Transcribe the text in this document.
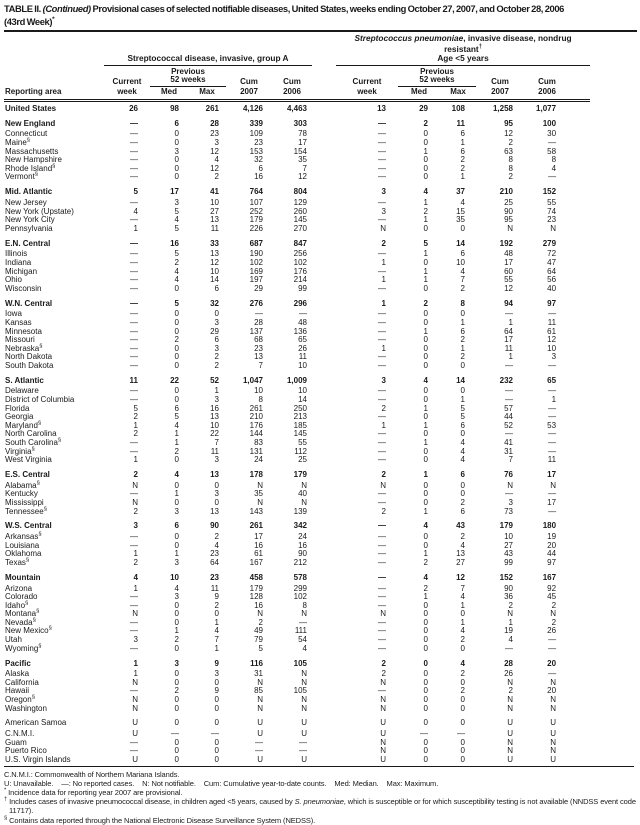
TABLE II. (Continued) Provisional cases of selected notifiable diseases, United States, weeks ending October 27, 2007, and October 28, 2006
(43rd Week)*
Reporting area	Streptococcal disease, invasive, group A						Streptococcus pneumoniae, invasive disease, nondrug resistant†
Age <5 years				

Current	
Previous
52 weeks	Cum	Cum	Current	
Previous
52 weeks	Cum	Cum
	week	Med	Max	2007	2006		week	Med	Max	2007	2006
United States	26	98	261	4,126	4,463		13	29	108	1,258	1,077
New England	—	6	28	339	303		—	2	11	95	100
Connecticut	—	0	23	109	78		—	0	6	12	30
Maine§	—	0	3	23	17		—	0	1	2	—
Massachusetts	—	3	12	153	154		—	1	6	63	58
New Hampshire	—	0	4	32	35		—	0	2	8	8
Rhode Island§	—	0	12	6	7		—	0	2	8	4
Vermont§	—	0	2	16	12		—	0	1	2	—
Mid. Atlantic	5	17	41	764	804		3	4	37	210	152
New Jersey	—	3	10	107	129		—	1	4	25	55
New York (Upstate)	4	5	27	252	260		3	2	15	90	74
New York City	—	4	13	179	145		—	1	35	95	23
Pennsylvania	1	5	11	226	270		N	0	0	N	N
E.N. Central	—	16	33	687	847		2	5	14	192	279
Illinois	—	5	13	190	256		—	1	6	48	72
Indiana	—	2	12	102	102		1	0	10	17	47
Michigan	—	4	10	169	176		—	1	4	60	64
Ohio	—	4	14	197	214		1	1	7	55	56
Wisconsin	—	0	6	29	99		—	0	2	12	40
W.N. Central	—	5	32	276	296		1	2	8	94	97
Iowa	—	0	0	—	—		—	0	0	—	—
Kansas	—	0	3	28	48		—	0	1	1	11
Minnesota	—	0	29	137	136		—	1	6	64	61
Missouri	—	2	6	68	65		—	0	2	17	12
Nebraska§	—	0	3	23	26		1	0	1	11	10
North Dakota	—	0	2	13	11		—	0	2	1	3
South Dakota	—	0	2	7	10		—	0	0	—	—
S. Atlantic	11	22	52	1,047	1,009		3	4	14	232	65
Delaware	—	0	1	10	10		—	0	0	—	—
District of Columbia	—	0	3	8	14		—	0	1	—	1
Florida	5	6	16	261	250		2	1	5	57	—
Georgia	2	5	13	210	213		—	0	5	44	—
Maryland§	1	4	10	176	185		1	1	6	52	53
North Carolina	2	1	22	144	145		—	0	0	—	—
South Carolina§	—	1	7	83	55		—	1	4	41	—
Virginia§	—	2	11	131	112		—	0	4	31	—
West Virginia	1	0	3	24	25		—	0	4	7	11
E.S. Central	2	4	13	178	179		2	1	6	76	17
Alabama§	N	0	0	N	N		N	0	0	N	N
Kentucky	—	1	3	35	40		—	0	0	—	—
Mississippi	N	0	0	N	N		—	0	2	3	17
Tennessee§	2	3	13	143	139		2	1	6	73	—
W.S. Central	3	6	90	261	342		—	4	43	179	180
Arkansas§	—	0	2	17	24		—	0	2	10	19
Louisiana	—	0	4	16	16		—	0	4	27	20
Oklahoma	1	1	23	61	90		—	1	13	43	44
Texas§	2	3	64	167	212		—	2	27	99	97
Mountain	4	10	23	458	578		—	4	12	152	167
Arizona	1	4	11	179	299		—	2	7	90	92
Colorado	—	3	9	128	102		—	1	4	36	45
Idaho§	—	0	2	16	8		—	0	1	2	2
Montana§	N	0	0	N	N		N	0	0	N	N
Nevada§	—	0	1	2	—		—	0	1	1	2
New Mexico§	—	1	4	49	111		—	0	4	19	26
Utah	3	2	7	79	54		—	0	2	4	—
Wyoming§	—	0	1	5	4		—	0	0	—	—
Pacific	1	3	9	116	105		2	0	4	28	20
Alaska	1	0	3	31	N		2	0	2	26	—
California	N	0	0	N	N		N	0	0	N	N
Hawaii	—	2	9	85	105		—	0	2	2	20
Oregon§	N	0	0	N	N		N	0	0	N	N
Washington	N	0	0	N	N		N	0	0	N	N
American Samoa	U	0	0	U	U		U	0	0	U	U
C.N.M.I.	U	—	—	U	U		U	—	—	U	U
Guam	—	0	0	—	—		N	0	0	N	N
Puerto Rico	—	0	0	—	—		N	0	0	N	N
U.S. Virgin Islands	U	0	0	U	U		U	0	0	U	U
C.N.M.I.: Commonwealth of Northern Mariana Islands.
U: Unavailable.    —: No reported cases.    N: Not notifiable.    Cum: Cumulative year-to-date counts.    Med: Median.    Max: Maximum.
* Incidence data for reporting year 2007 are provisional.
† Includes cases of invasive pneumococcal disease, in children aged <5 years, caused by S. pneumoniae, which is susceptible or for which susceptibility testing is not available (NNDSS event code 11717).
§ Contains data reported through the National Electronic Disease Surveillance System (NEDSS).
